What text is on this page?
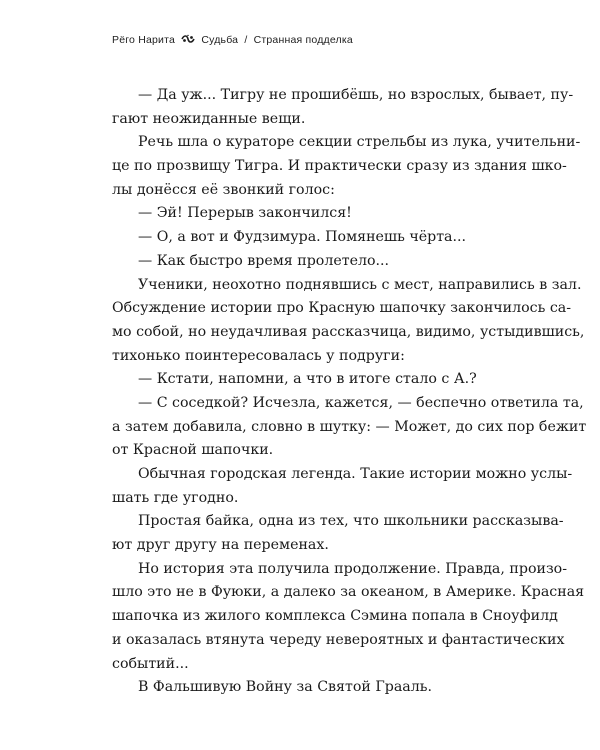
Рёго Нарита	Судьба / Странная подделка
— Да уж... Тигру не прошибёшь, но взрослых, бывает, пу-
гают неожиданные вещи.
Речь шла о кураторе секции стрельбы из лука, учительни-
це по прозвищу Тигра. И практически сразу из здания шко-
лы донёсся её звонкий голос:
— Эй! Перерыв закончился!
— О, а вот и Фудзимура. Помянешь чёрта...
— Как быстро время пролетело...
Ученики, неохотно поднявшись с мест, направились в зал.
Обсуждение истории про Красную шапочку закончилось са-
мо собой, но неудачливая рассказчица, видимо, устыдившись,
тихонько поинтересовалась у подруги:
— Кстати, напомни, а что в итоге стало с А.?
— С соседкой? Исчезла, кажется, — беспечно ответила та,
а затем добавила, словно в шутку: — Может, до сих пор бежит
от Красной шапочки.
Обычная городская легенда. Такие истории можно услы-
шать где угодно.
Простая байка, одна из тех, что школьники рассказыва-
ют друг другу на переменах.
Но история эта получила продолжение. Правда, произо-
шло это не в Фуюки, а далеко за океаном, в Америке. Красная
шапочка из жилого комплекса Сэмина попала в Сноуфилд
и оказалась втянута череду невероятных и фантастических
событий...
В Фальшивую Войну за Святой Грааль.
